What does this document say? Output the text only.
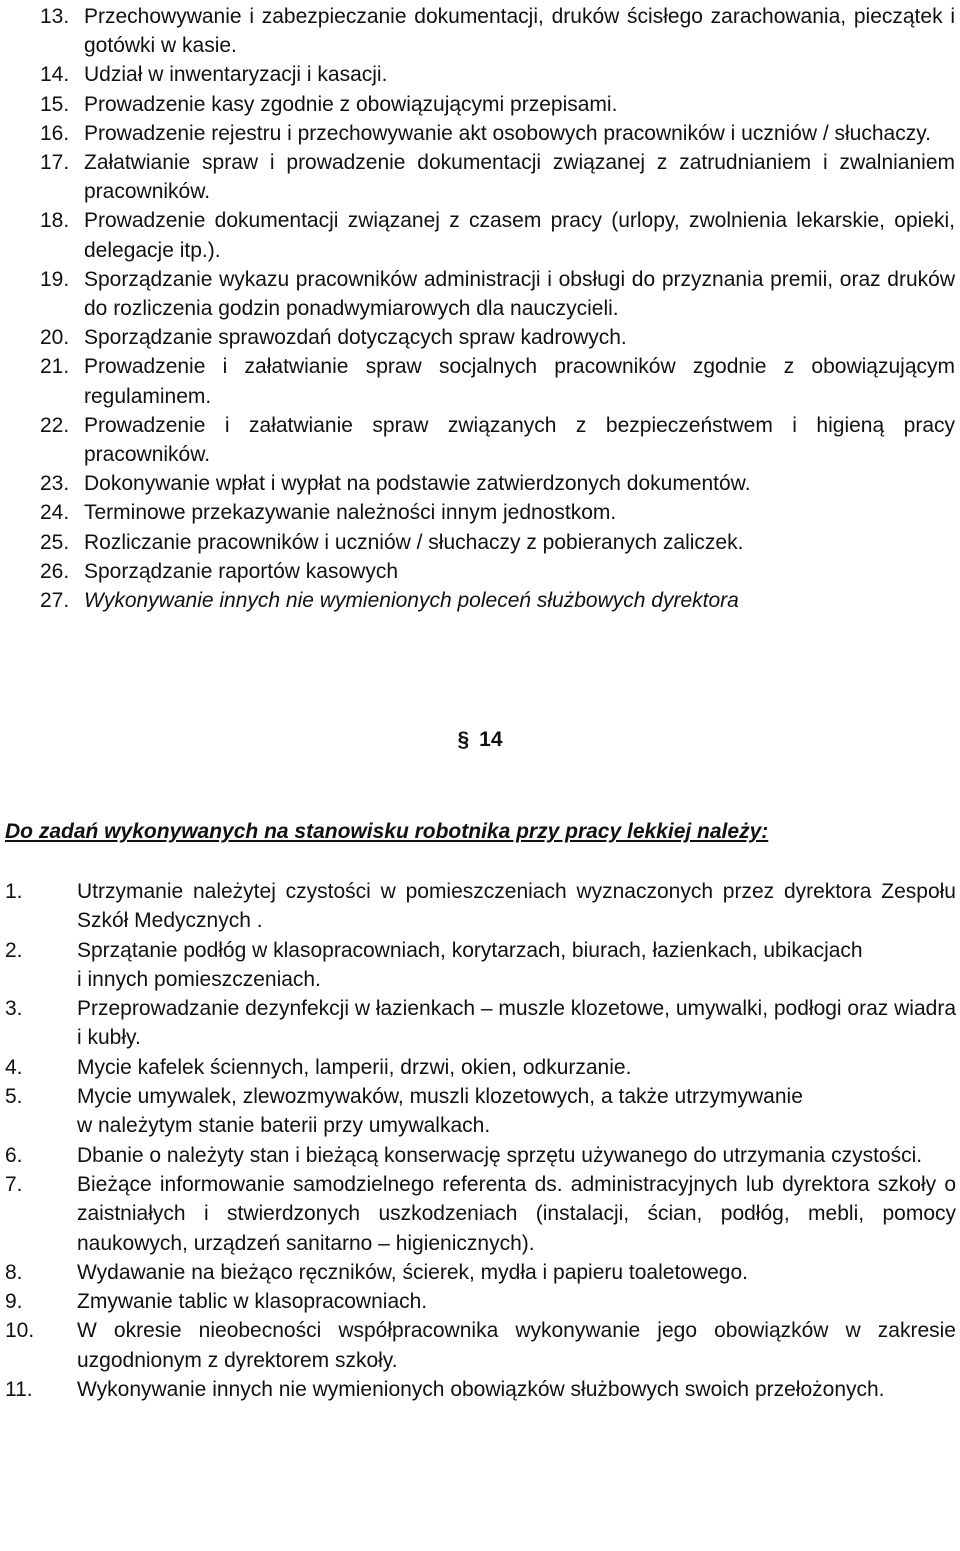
13. Przechowywanie i zabezpieczanie dokumentacji, druków ścisłego zarachowania, pieczątek i gotówki w kasie.
14. Udział w inwentaryzacji i kasacji.
15. Prowadzenie kasy zgodnie z obowiązującymi przepisami.
16. Prowadzenie rejestru i przechowywanie akt osobowych pracowników i uczniów / słuchaczy.
17. Załatwianie spraw i prowadzenie dokumentacji związanej z zatrudnianiem i zwalnianiem pracowników.
18. Prowadzenie dokumentacji związanej z czasem pracy (urlopy, zwolnienia lekarskie, opieki, delegacje itp.).
19. Sporządzanie wykazu pracowników administracji i obsługi do przyznania premii, oraz druków do rozliczenia godzin ponadwymiarowych dla nauczycieli.
20. Sporządzanie sprawozdań dotyczących spraw kadrowych.
21. Prowadzenie i załatwianie spraw socjalnych pracowników zgodnie z obowiązującym regulaminem.
22. Prowadzenie i załatwianie spraw związanych z bezpieczeństwem i higieną pracy pracowników.
23. Dokonywanie wpłat i wypłat na podstawie zatwierdzonych dokumentów.
24. Terminowe przekazywanie należności innym jednostkom.
25. Rozliczanie pracowników i uczniów / słuchaczy z pobieranych zaliczek.
26. Sporządzanie raportów kasowych
27. Wykonywanie innych nie wymienionych poleceń służbowych dyrektora
§ 14
Do zadań wykonywanych na stanowisku robotnika przy pracy lekkiej należy:
1.	Utrzymanie należytej czystości w pomieszczeniach wyznaczonych przez dyrektora Zespołu Szkół Medycznych .
2.	Sprzątanie podłóg w klasopracowniach, korytarzach, biurach, łazienkach, ubikacjach
i innych pomieszczeniach.
3.	Przeprowadzanie dezynfekcji w łazienkach – muszle klozetowe, umywalki, podłogi oraz wiadra i kubły.
4.	Mycie kafelek ściennych, lamperii, drzwi, okien, odkurzanie.
5.	Mycie umywalek, zlewozmywaków, muszli klozetowych, a także utrzymywanie
w należytym stanie baterii przy umywalkach.
6.	Dbanie o należyty stan i bieżącą konserwację sprzętu używanego do utrzymania czystości.
7.	Bieżące informowanie samodzielnego referenta ds. administracyjnych lub dyrektora szkoły o zaistniałych i stwierdzonych uszkodzeniach (instalacji, ścian, podłóg, mebli, pomocy naukowych, urządzeń sanitarno – higienicznych).
8.	Wydawanie na bieżąco ręczników, ścierek, mydła i papieru toaletowego.
9.	Zmywanie tablic w klasopracowniach.
10.	W okresie nieobecności współpracownika wykonywanie jego obowiązków w zakresie uzgodnionym z dyrektorem szkoły.
11.	Wykonywanie innych nie wymienionych obowiązków służbowych swoich przełożonych.
